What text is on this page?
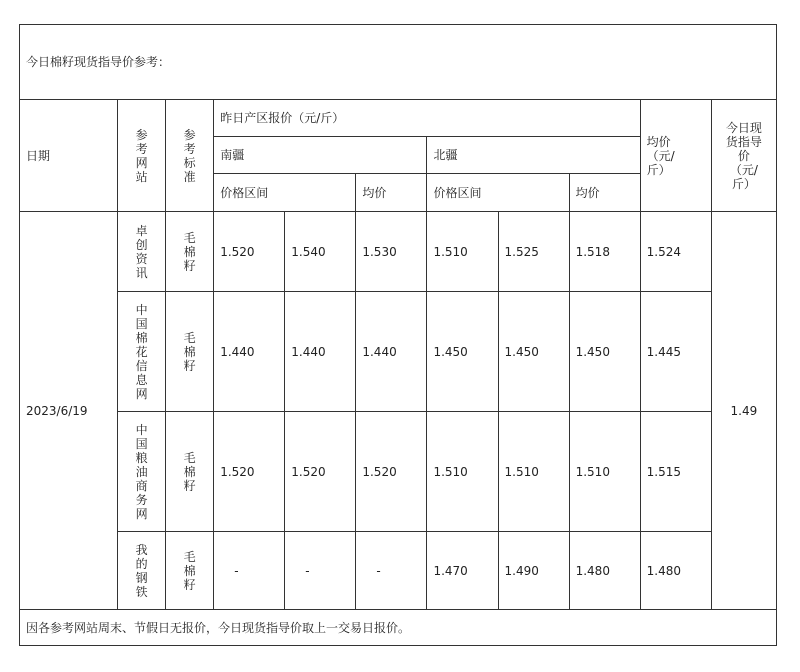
今日棉籽现货指导价参考：										
日期	参考网站	参考标准	昨日产区报价（元/斤）						均价（元/斤）	今日现货指导价（元/斤）
			南疆			北疆				
			价格区间		均价	价格区间		均价		
2023/6/19	卓创资讯	毛棉籽	1.520	1.540	1.530	1.510	1.525	1.518	1.524	1.49
	中国棉花信息网	毛棉籽	1.440	1.440	1.440	1.450	1.450	1.450	1.445	
	中国粮油商务网	毛棉籽	1.520	1.520	1.520	1.510	1.510	1.510	1.515	
	我的钢铁	毛棉籽	-	-	-	1.470	1.490	1.480	1.480	
因各参考网站周末、节假日无报价，今日现货指导价取上一交易日报价。										
